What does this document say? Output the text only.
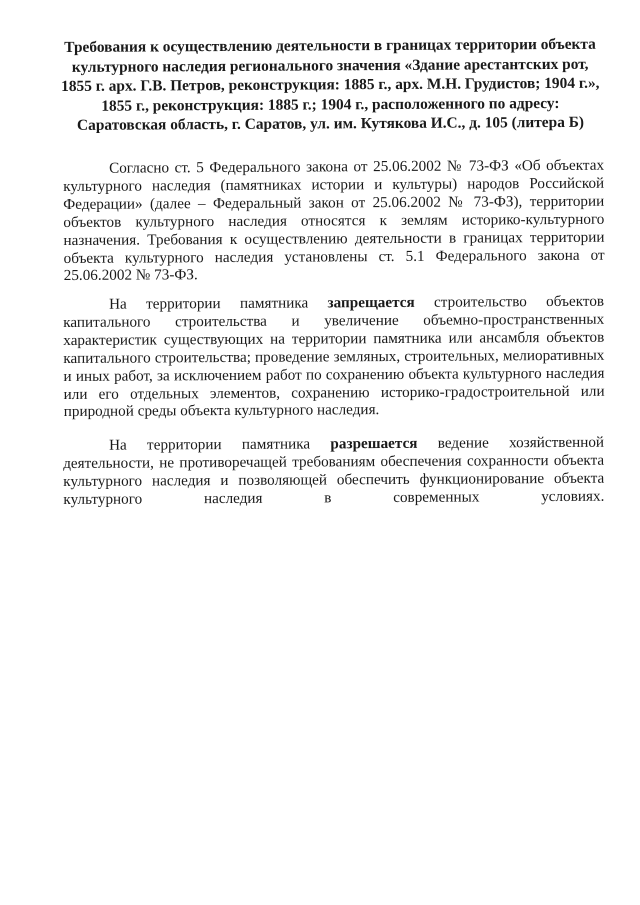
Требования к осуществлению деятельности в границах территории объекта культурного наследия регионального значения «Здание арестантских рот, 1855 г. арх. Г.В. Петров, реконструкция: 1885 г., арх. М.Н. Грудистов; 1904 г.», 1855 г., реконструкция: 1885 г.; 1904 г., расположенного по адресу: Саратовская область, г. Саратов, ул. им. Кутякова И.С., д. 105 (литера Б)
Согласно ст. 5 Федерального закона от 25.06.2002 № 73-ФЗ «Об объектах культурного наследия (памятниках истории и культуры) народов Российской Федерации» (далее – Федеральный закон от 25.06.2002 № 73-ФЗ), территории объектов культурного наследия относятся к землям историко-культурного назначения. Требования к осуществлению деятельности в границах территории объекта культурного наследия установлены ст. 5.1 Федерального закона от 25.06.2002 № 73-ФЗ.
На территории памятника запрещается строительство объектов капитального строительства и увеличение объемно-пространственных характеристик существующих на территории памятника или ансамбля объектов капитального строительства; проведение земляных, строительных, мелиоративных и иных работ, за исключением работ по сохранению объекта культурного наследия или его отдельных элементов, сохранению историко-градостроительной или природной среды объекта культурного наследия.
На территории памятника разрешается ведение хозяйственной деятельности, не противоречащей требованиям обеспечения сохранности объекта культурного наследия и позволяющей обеспечить функционирование объекта культурного наследия в современных условиях.
